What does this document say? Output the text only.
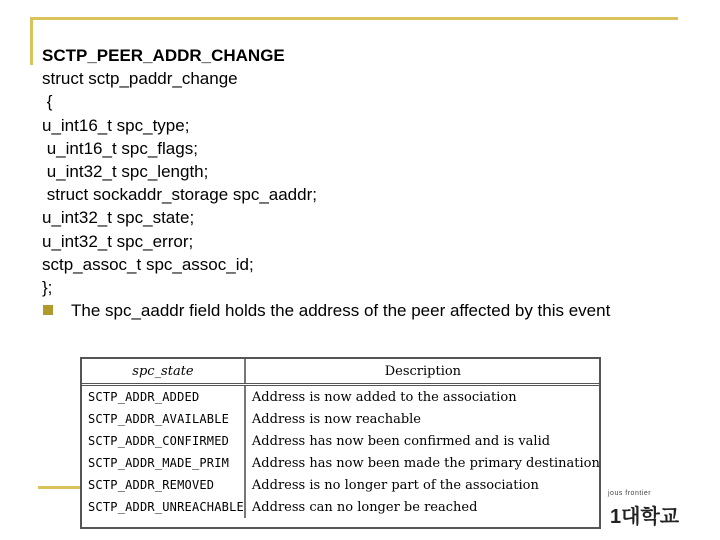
SCTP_PEER_ADDR_CHANGE
struct sctp_paddr_change
{
u_int16_t spc_type;
u_int16_t spc_flags;
u_int32_t spc_length;
struct sockaddr_storage spc_aaddr;
u_int32_t spc_state;
u_int32_t spc_error;
sctp_assoc_t spc_assoc_id;
};
The spc_aaddr field holds the address of the peer affected by this event
spc_state	Description
SCTP_ADDR_ADDED	Address is now added to the association
SCTP_ADDR_AVAILABLE	Address is now reachable
SCTP_ADDR_CONFIRMED	Address has now been confirmed and is valid
SCTP_ADDR_MADE_PRIM	Address has now been made the primary destination
SCTP_ADDR_REMOVED	Address is no longer part of the association
SCTP_ADDR_UNREACHABLE	Address can no longer be reached
jous frontier
1대학교
